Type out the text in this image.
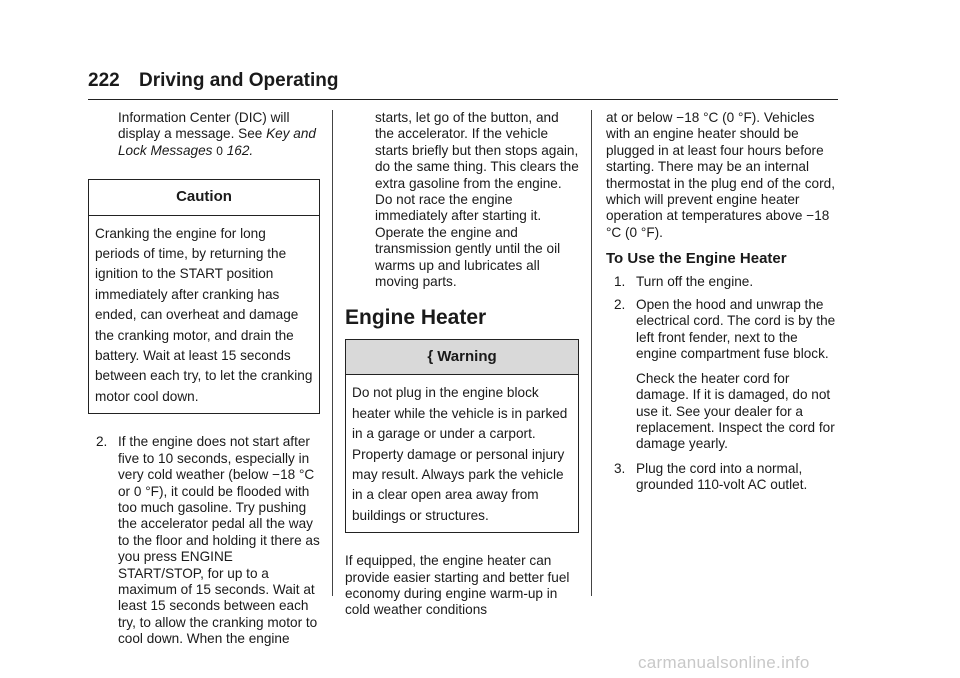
222 Driving and Operating

Information Center (DIC) will display a message. See Key and Lock Messages 0 162.

Caution
Cranking the engine for long periods of time, by returning the ignition to the START position immediately after cranking has ended, can overheat and damage the cranking motor, and drain the battery. Wait at least 15 seconds between each try, to let the cranking motor cool down.

2. If the engine does not start after five to 10 seconds, especially in very cold weather (below −18 °C or 0 °F), it could be flooded with too much gasoline. Try pushing the accelerator pedal all the way to the floor and holding it there as you press ENGINE START/STOP, for up to a maximum of 15 seconds. Wait at least 15 seconds between each try, to allow the cranking motor to cool down. When the engine

starts, let go of the button, and the accelerator. If the vehicle starts briefly but then stops again, do the same thing. This clears the extra gasoline from the engine. Do not race the engine immediately after starting it. Operate the engine and transmission gently until the oil warms up and lubricates all moving parts.

Engine Heater
{ Warning
Do not plug in the engine block heater while the vehicle is in parked in a garage or under a carport. Property damage or personal injury may result. Always park the vehicle in a clear open area away from buildings or structures.

If equipped, the engine heater can provide easier starting and better fuel economy during engine warm-up in cold weather conditions

at or below −18 °C (0 °F). Vehicles with an engine heater should be plugged in at least four hours before starting. There may be an internal thermostat in the plug end of the cord, which will prevent engine heater operation at temperatures above −18 °C (0 °F).

To Use the Engine Heater

1. Turn off the engine.

2. Open the hood and unwrap the electrical cord. The cord is by the left front fender, next to the engine compartment fuse block.

Check the heater cord for damage. If it is damaged, do not use it. See your dealer for a replacement. Inspect the cord for damage yearly.

3. Plug the cord into a normal, grounded 110-volt AC outlet.

carmanualsonline.info
